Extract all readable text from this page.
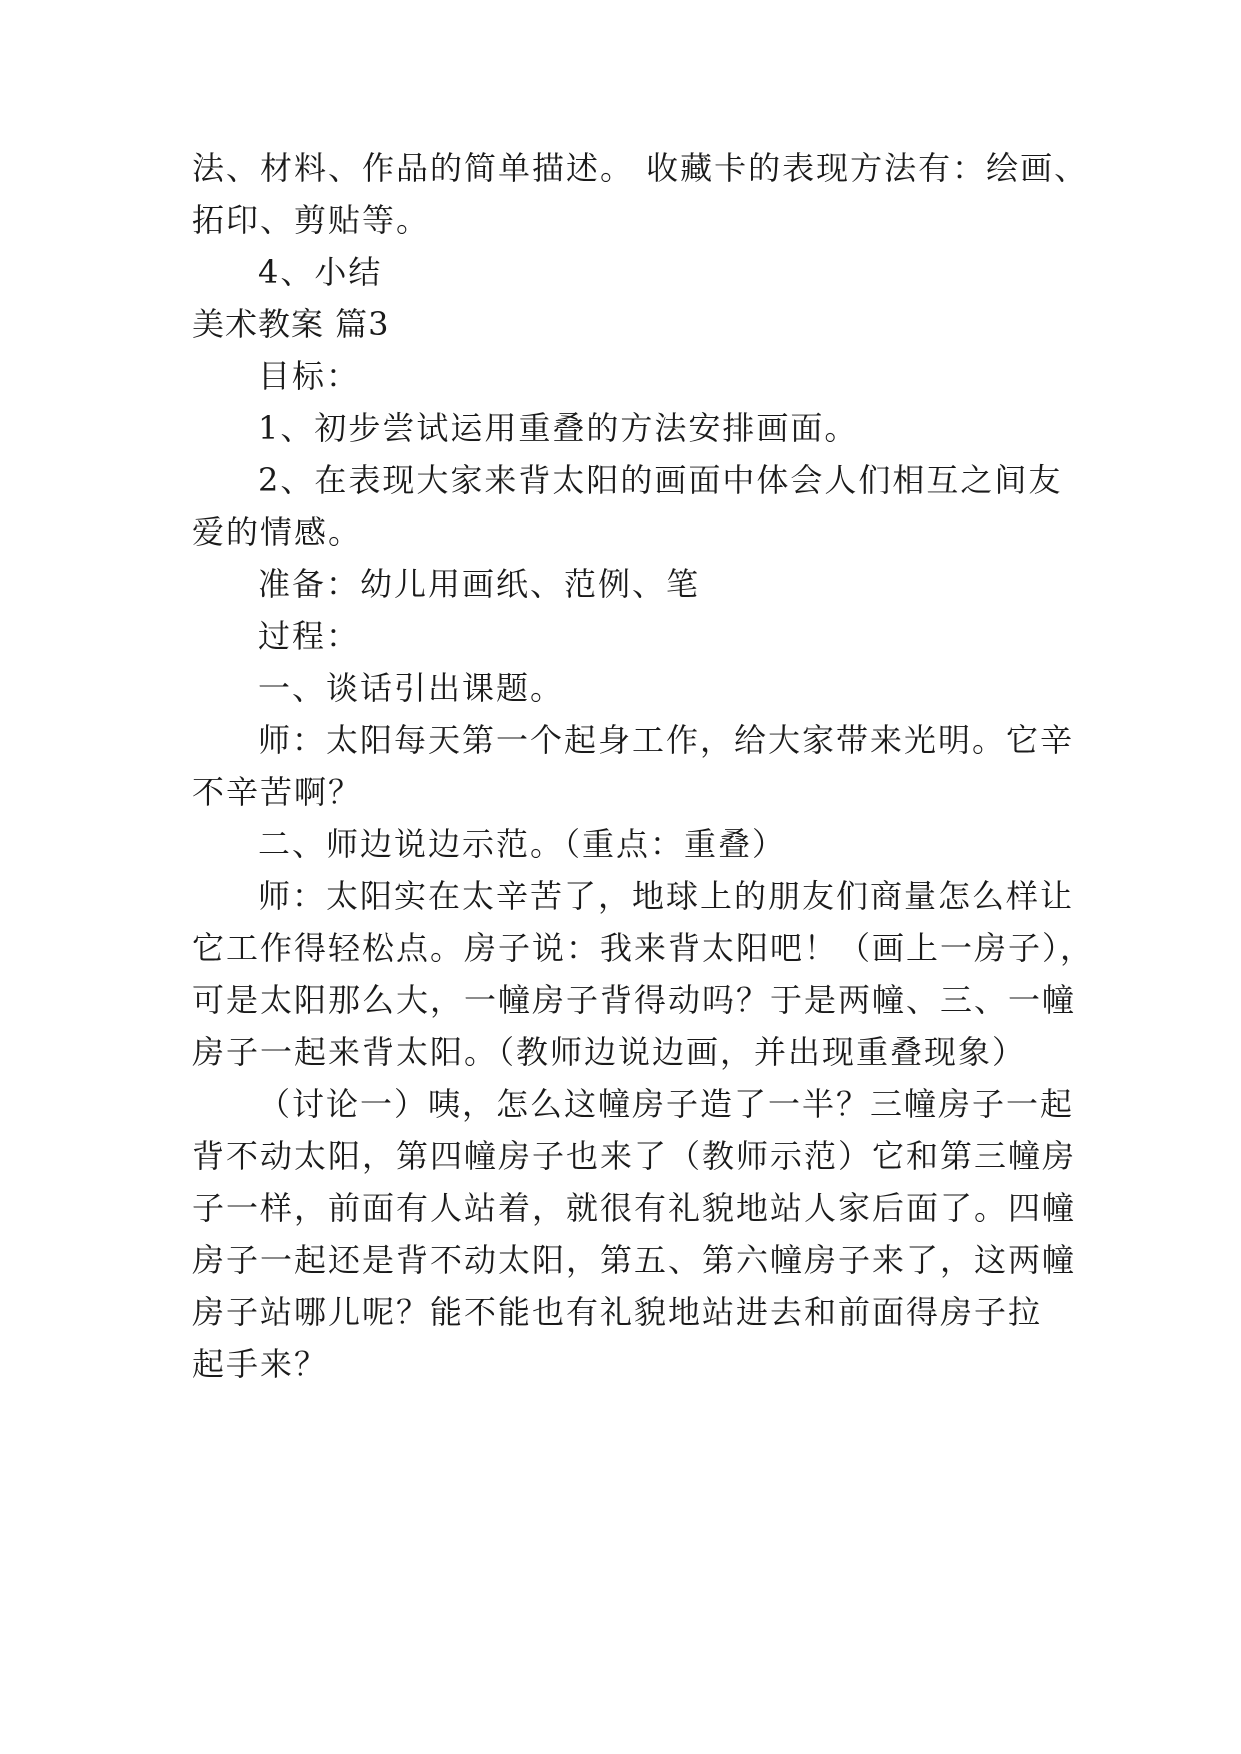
法、材料、作品的简单描述。 收藏卡的表现方法有：绘画、
拓印、剪贴等。
4、小结
美术教案 篇3
目标：
1、初步尝试运用重叠的方法安排画面。
2、在表现大家来背太阳的画面中体会人们相互之间友
爱的情感。
准备：幼儿用画纸、范例、笔
过程：
一、谈话引出课题。
师：太阳每天第一个起身工作，给大家带来光明。它辛
不辛苦啊？
二、师边说边示范。（重点：重叠）
师：太阳实在太辛苦了，地球上的朋友们商量怎么样让
它工作得轻松点。房子说：我来背太阳吧！（画上一房子），
可是太阳那么大，一幢房子背得动吗？于是两幢、三、一幢
房子一起来背太阳。（教师边说边画，并出现重叠现象）
（讨论一）咦，怎么这幢房子造了一半？三幢房子一起
背不动太阳，第四幢房子也来了（教师示范）它和第三幢房
子一样，前面有人站着，就很有礼貌地站人家后面了。四幢
房子一起还是背不动太阳，第五、第六幢房子来了，这两幢
房子站哪儿呢？能不能也有礼貌地站进去和前面得房子拉
起手来？
